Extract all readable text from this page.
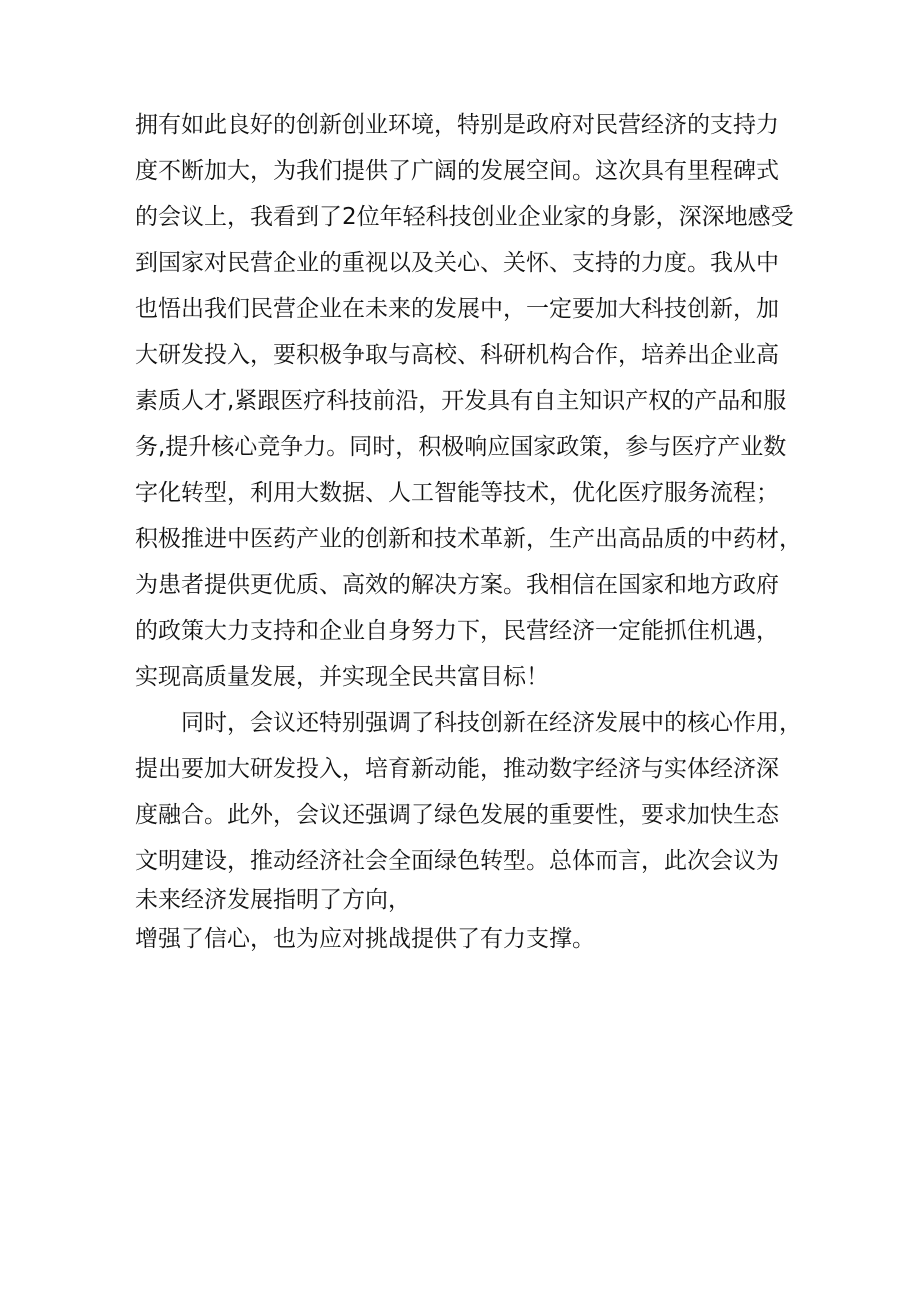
拥有如此良好的创新创业环境，特别是政府对民营经济的支持力
度不断加大，为我们提供了广阔的发展空间。这次具有里程碑式
的会议上，我看到了2位年轻科技创业企业家的身影，深深地感受
到国家对民营企业的重视以及关心、关怀、支持的力度。我从中
也悟出我们民营企业在未来的发展中，一定要加大科技创新，加
大研发投入，要积极争取与高校、科研机构合作，培养出企业高
素质人才,紧跟医疗科技前沿，开发具有自主知识产权的产品和服
务,提升核心竞争力。同时，积极响应国家政策，参与医疗产业数
字化转型，利用大数据、人工智能等技术，优化医疗服务流程；
积极推进中医药产业的创新和技术革新，生产出高品质的中药材，
为患者提供更优质、高效的解决方案。我相信在国家和地方政府
的政策大力支持和企业自身努力下，民营经济一定能抓住机遇，
实现高质量发展，并实现全民共富目标！
同时，会议还特别强调了科技创新在经济发展中的核心作用，
提出要加大研发投入，培育新动能，推动数字经济与实体经济深
度融合。此外，会议还强调了绿色发展的重要性，要求加快生态
文明建设，推动经济社会全面绿色转型。总体而言，此次会议为
未来经济发展指明了方向，
增强了信心，也为应对挑战提供了有力支撑。
